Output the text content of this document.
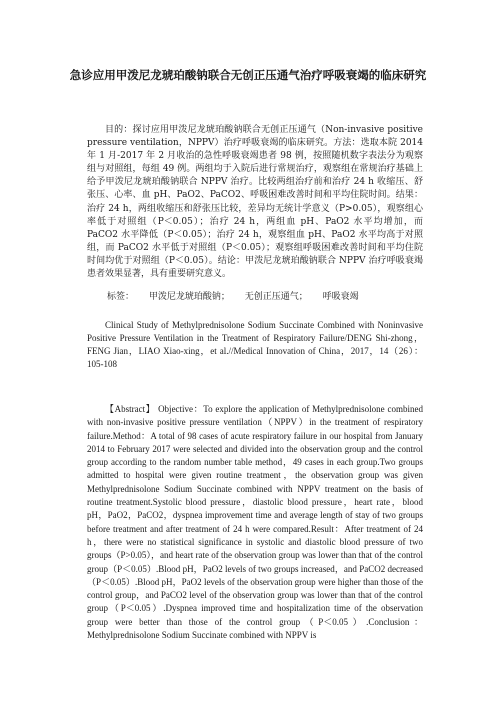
急诊应用甲泼尼龙琥珀酸钠联合无创正压通气治疗呼吸衰竭的临床研究

目的：探讨应用甲泼尼龙琥珀酸钠联合无创正压通气（Non-invasive positive pressure ventilation，NPPV）治疗呼吸衰竭的临床研究。方法：选取本院 2014 年 1 月-2017 年 2 月收治的急性呼吸衰竭患者 98 例，按照随机数字表法分为观察组与对照组，每组 49 例。两组均于入院后进行常规治疗，观察组在常规治疗基础上给予甲泼尼龙琥珀酸钠联合 NPPV 治疗。比较两组治疗前和治疗 24 h 收缩压、舒张压、心率、血 pH、PaO2、PaCO2、呼吸困难改善时间和平均住院时间。结果：治疗 24 h，两组收缩压和舒张压比较，差异均无统计学意义（P>0.05），观察组心率低于对照组（P＜0.05）；治疗 24 h，两组血 pH、PaO2 水平均增加，而 PaCO2 水平降低（P＜0.05）；治疗 24 h，观察组血 pH、PaO2 水平均高于对照组，而 PaCO2 水平低于对照组（P＜0.05）；观察组呼吸困难改善时间和平均住院时间均优于对照组（P＜0.05）。结论：甲泼尼龙琥珀酸钠联合 NPPV 治疗呼吸衰竭患者效果显著，具有重要研究意义。

标签： 甲泼尼龙琥珀酸钠； 无创正压通气； 呼吸衰竭

Clinical Study of Methylprednisolone Sodium Succinate Combined with Noninvasive Positive Pressure Ventilation in the Treatment of Respiratory Failure/DENG Shi-zhong，FENG Jian，LIAO Xiao-xing，et al.//Medical Innovation of China，2017，14（26）：105-108

【Abstract】 Objective：To explore the application of Methylprednisolone combined with non-invasive positive pressure ventilation（NPPV）in the treatment of respiratory failure.Method：A total of 98 cases of acute respiratory failure in our hospital from January 2014 to February 2017 were selected and divided into the observation group and the control group according to the random number table method，49 cases in each group.Two groups admitted to hospital were given routine treatment，the observation group was given Methylprednisolone Sodium Succinate combined with NPPV treatment on the basis of routine treatment.Systolic blood pressure，diastolic blood pressure，heart rate，blood pH，PaO2，PaCO2，dyspnea improvement time and average length of stay of two groups before treatment and after treatment of 24 h were compared.Result：After treatment of 24 h，there were no statistical significance in systolic and diastolic blood pressure of two groups（P>0.05），and heart rate of the observation group was lower than that of the control group（P＜0.05）.Blood pH，PaO2 levels of two groups increased，and PaCO2 decreased（P＜0.05）.Blood pH，PaO2 levels of the observation group were higher than those of the control group，and PaCO2 level of the observation group was lower than that of the control group（P＜0.05）.Dyspnea improved time and hospitalization time of the observation group were better than those of the control group（P＜0.05）.Conclusion：Methylprednisolone Sodium Succinate combined with NPPV is
